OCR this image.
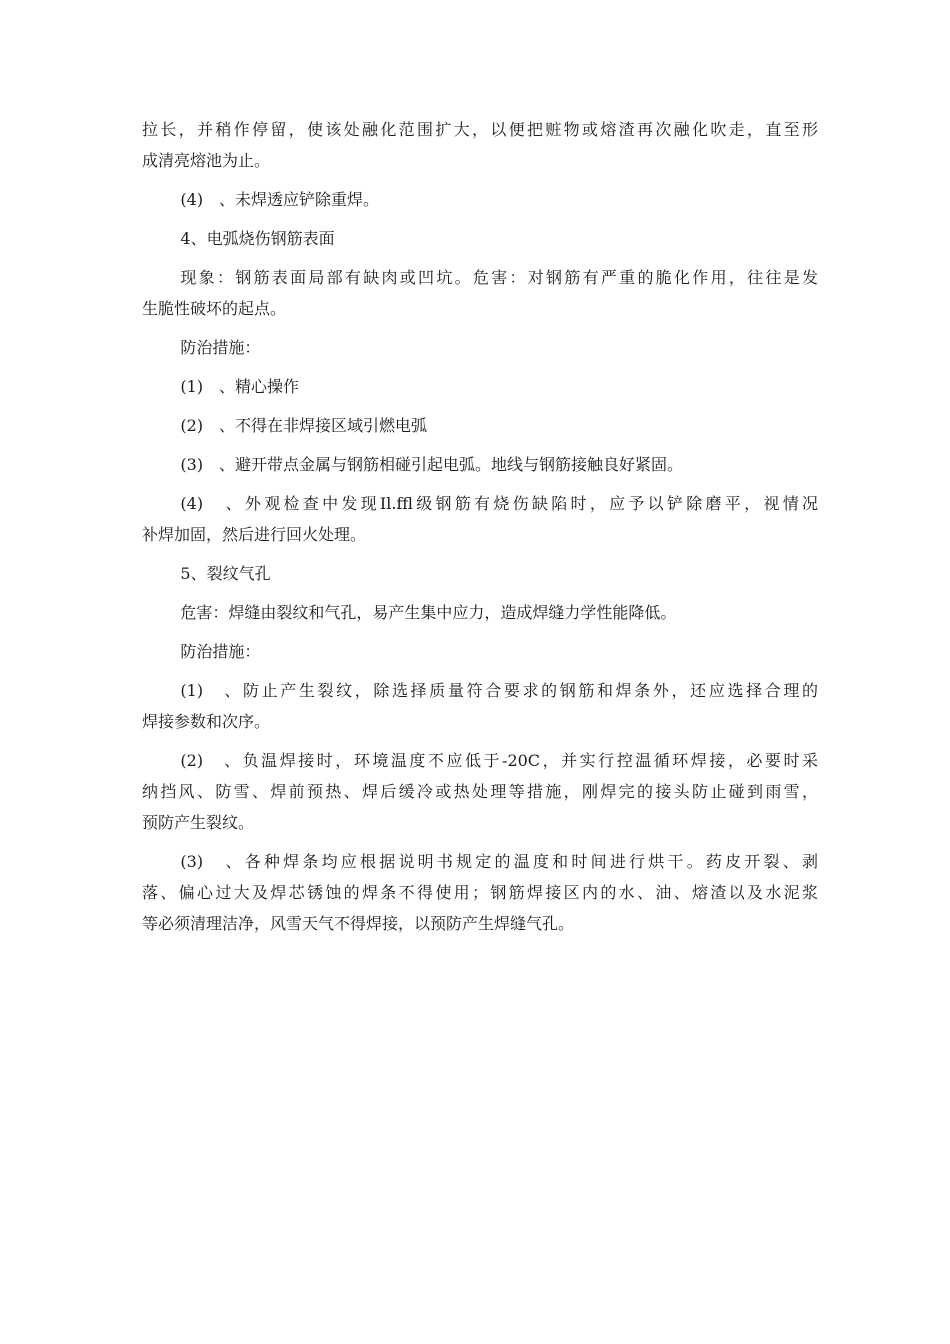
拉长，并稍作停留，使该处融化范围扩大，以便把赃物或熔渣再次融化吹走，直至形
成清亮熔池为止。

(4)　、未焊透应铲除重焊。

4、电弧烧伤钢筋表面

现象：钢筋表面局部有缺肉或凹坑。危害：对钢筋有严重的脆化作用，往往是发
生脆性破坏的起点。

防治措施：

(1)　、精心操作

(2)　、不得在非焊接区域引燃电弧

(3)　、避开带点金属与钢筋相碰引起电弧。地线与钢筋接触良好紧固。

(4)　、外观检查中发现Il.ffl级钢筋有烧伤缺陷时，应予以铲除磨平，视情况
补焊加固，然后进行回火处理。

5、裂纹气孔

危害：焊缝由裂纹和气孔，易产生集中应力，造成焊缝力学性能降低。

防治措施：

(1)　、防止产生裂纹，除选择质量符合要求的钢筋和焊条外，还应选择合理的
焊接参数和次序。

(2)　、负温焊接时，环境温度不应低于-20C，并实行控温循环焊接，必要时采
纳挡风、防雪、焊前预热、焊后缓冷或热处理等措施，刚焊完的接头防止碰到雨雪，
预防产生裂纹。

(3)　、各种焊条均应根据说明书规定的温度和时间进行烘干。药皮开裂、剥
落、偏心过大及焊芯锈蚀的焊条不得使用；钢筋焊接区内的水、油、熔渣以及水泥浆
等必须清理洁净，风雪天气不得焊接，以预防产生焊缝气孔。
